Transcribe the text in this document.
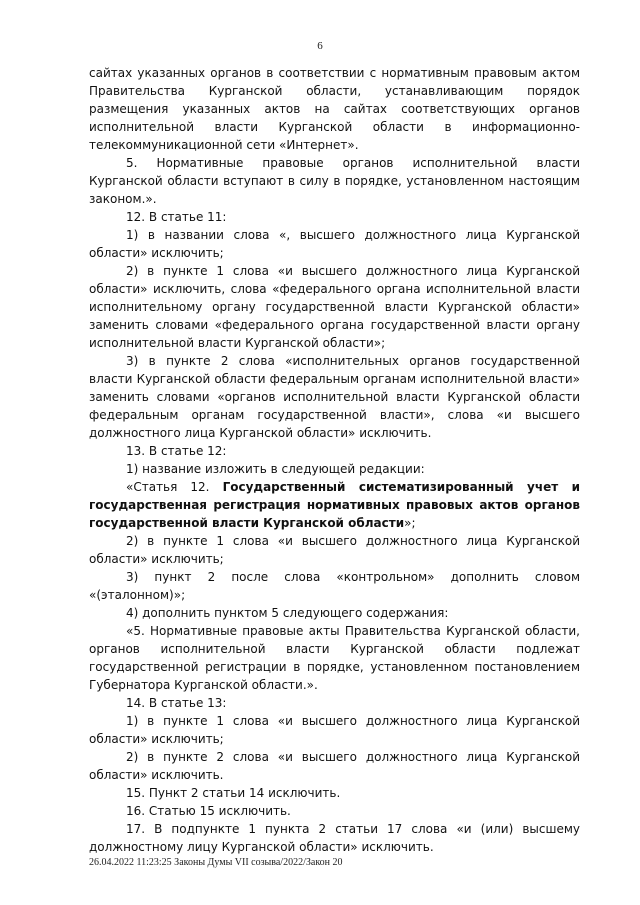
6

сайтах указанных органов в соответствии с нормативным правовым актом Правительства Курганской области, устанавливающим порядок размещения указанных актов на сайтах соответствующих органов исполнительной власти Курганской области в информационно-телекоммуникационной сети «Интернет».

5. Нормативные правовые органов исполнительной власти Курганской области вступают в силу в порядке, установленном настоящим законом.».

12. В статье 11:

1) в названии слова «, высшего должностного лица Курганской области» исключить;

2) в пункте 1 слова «и высшего должностного лица Курганской области» исключить, слова «федерального органа исполнительной власти исполнительному органу государственной власти Курганской области» заменить словами «федерального органа государственной власти органу исполнительной власти Курганской области»;

3) в пункте 2 слова «исполнительных органов государственной власти Курганской области федеральным органам исполнительной власти» заменить словами «органов исполнительной власти Курганской области федеральным органам государственной власти», слова «и высшего должностного лица Курганской области» исключить.

13. В статье 12:

1) название изложить в следующей редакции:

«Статья 12. Государственный систематизированный учет и государственная регистрация нормативных правовых актов органов государственной власти Курганской области»;

2) в пункте 1 слова «и высшего должностного лица Курганской области» исключить;

3) пункт 2 после слова «контрольном» дополнить словом «(эталонном)»;

4) дополнить пунктом 5 следующего содержания:

«5. Нормативные правовые акты Правительства Курганской области, органов исполнительной власти Курганской области подлежат государственной регистрации в порядке, установленном постановлением Губернатора Курганской области.».

14. В статье 13:

1) в пункте 1 слова «и высшего должностного лица Курганской области» исключить;

2) в пункте 2 слова «и высшего должностного лица Курганской области» исключить.

15. Пункт 2 статьи 14 исключить.

16. Статью 15 исключить.

17. В подпункте 1 пункта 2 статьи 17 слова «и (или) высшему должностному лицу Курганской области» исключить.

26.04.2022 11:23:25 Законы Думы VII созыва/2022/Закон 20
